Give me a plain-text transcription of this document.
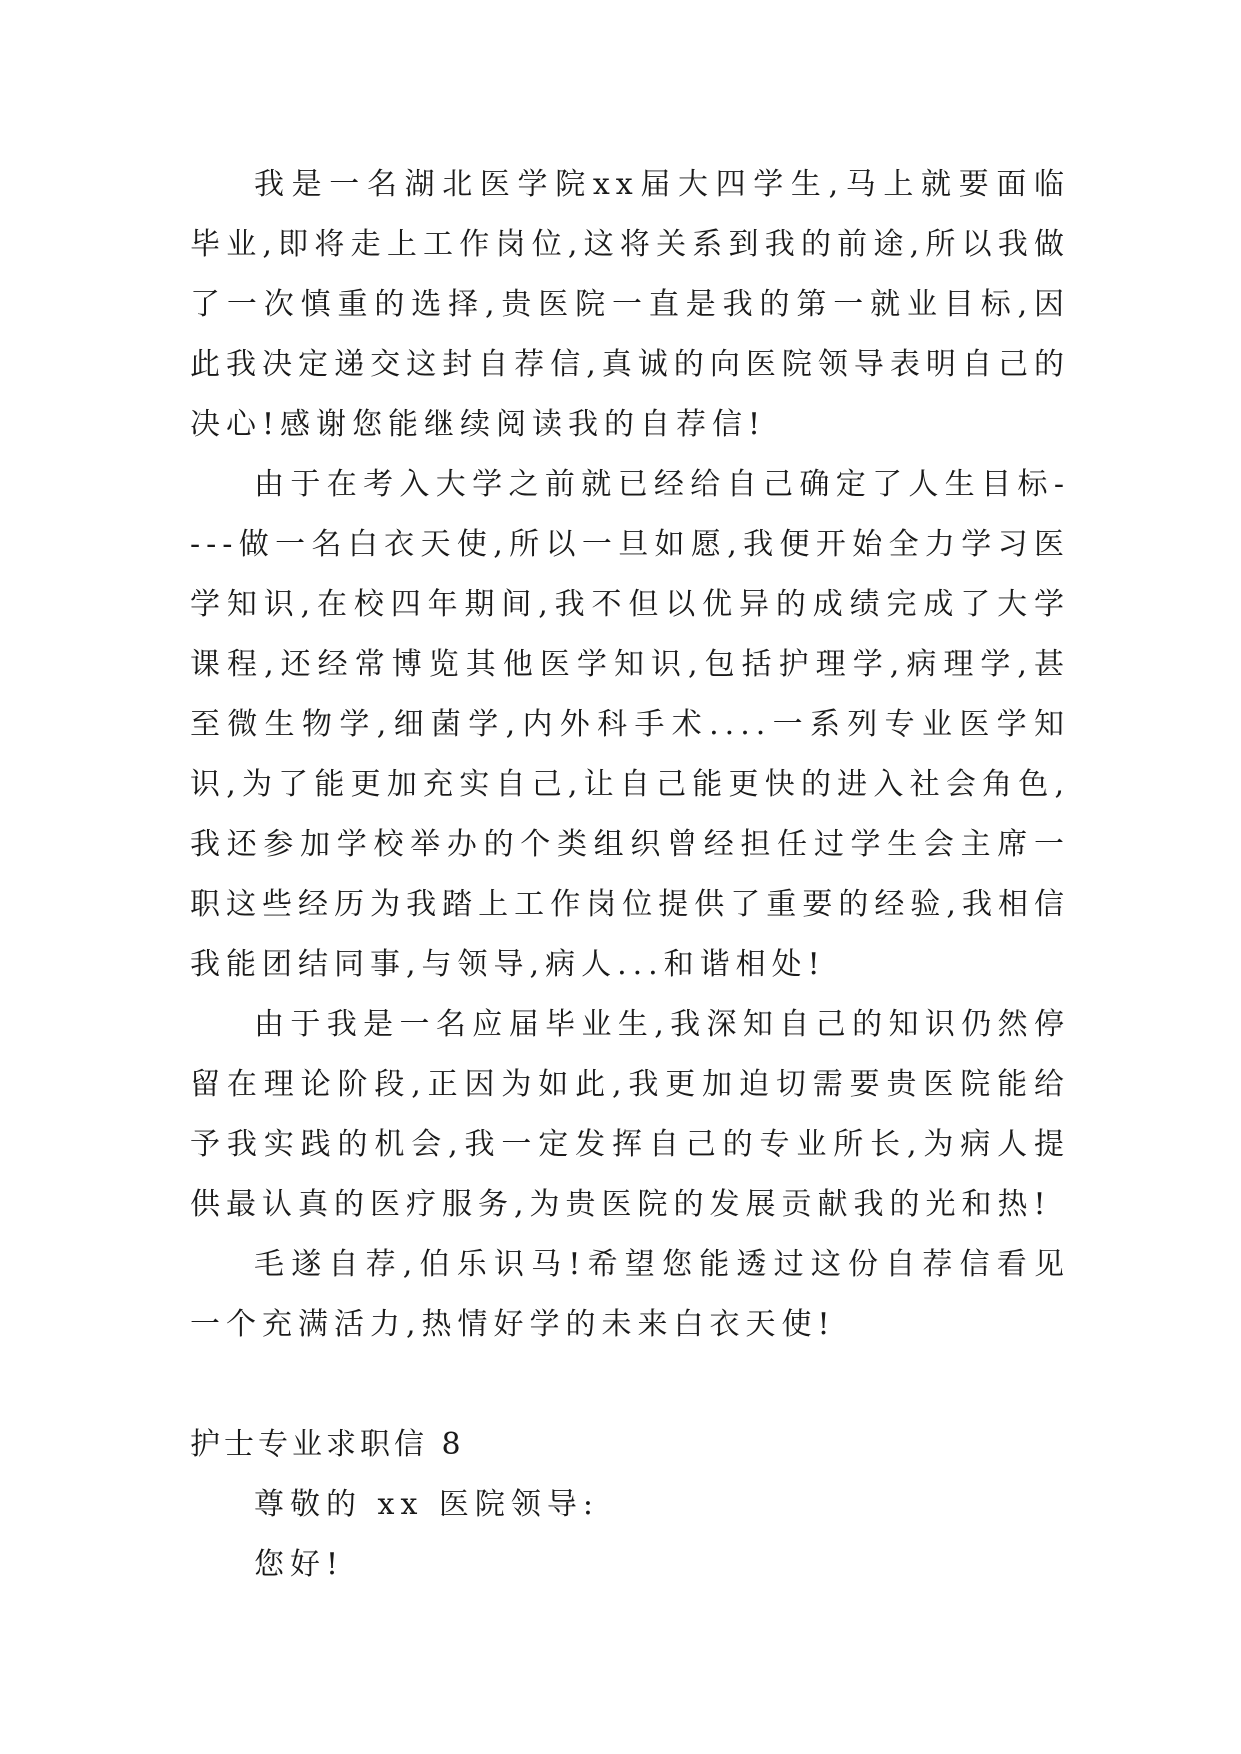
我是一名湖北医学院xx届大四学生,马上就要面临毕业,即将走上工作岗位,这将关系到我的前途,所以我做了一次慎重的选择,贵医院一直是我的第一就业目标,因此我决定递交这封自荐信,真诚的向医院领导表明自己的决心!感谢您能继续阅读我的自荐信!

由于在考入大学之前就已经给自己确定了人生目标----做一名白衣天使,所以一旦如愿,我便开始全力学习医学知识,在校四年期间,我不但以优异的成绩完成了大学课程,还经常博览其他医学知识,包括护理学,病理学,甚至微生物学,细菌学,内外科手术....一系列专业医学知识,为了能更加充实自己,让自己能更快的进入社会角色,我还参加学校举办的个类组织曾经担任过学生会主席一职这些经历为我踏上工作岗位提供了重要的经验,我相信我能团结同事,与领导,病人...和谐相处!

由于我是一名应届毕业生,我深知自己的知识仍然停留在理论阶段,正因为如此,我更加迫切需要贵医院能给予我实践的机会,我一定发挥自己的专业所长,为病人提供最认真的医疗服务,为贵医院的发展贡献我的光和热!

毛遂自荐,伯乐识马!希望您能透过这份自荐信看见一个充满活力,热情好学的未来白衣天使!

护士专业求职信 8

尊敬的 xx 医院领导:

您好!
